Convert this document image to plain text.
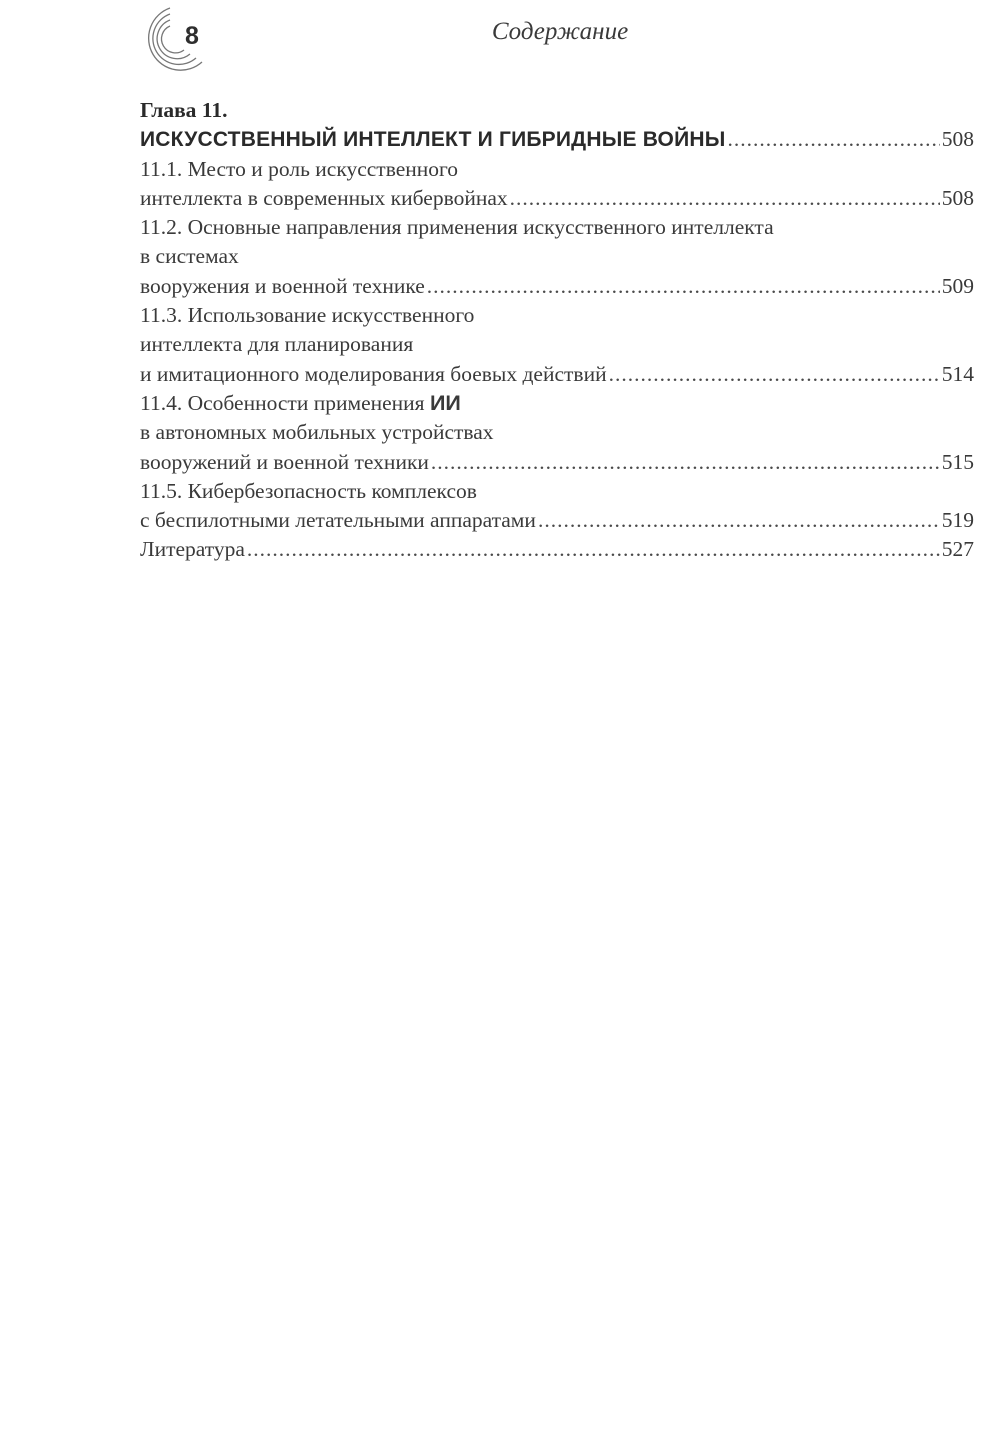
8	Содержание
Глава 11.
ИСКУССТВЕННЫЙ ИНТЕЛЛЕКТ И ГИБРИДНЫЕ ВОЙНЫ .....	508
11.1. Место и роль искусственного
интеллекта в современных кибервойнах .....	508
11.2. Основные направления применения искусственного интеллекта
в системах
вооружения и военной технике .....	509
11.3. Использование искусственного
интеллекта для планирования
и имитационного моделирования боевых действий .....	514
11.4. Особенности применения ИИ
в автономных мобильных устройствах
вооружений и военной техники .....	515
11.5. Кибербезопасность комплексов
с беспилотными летательными аппаратами .....	519
Литература .....	527
